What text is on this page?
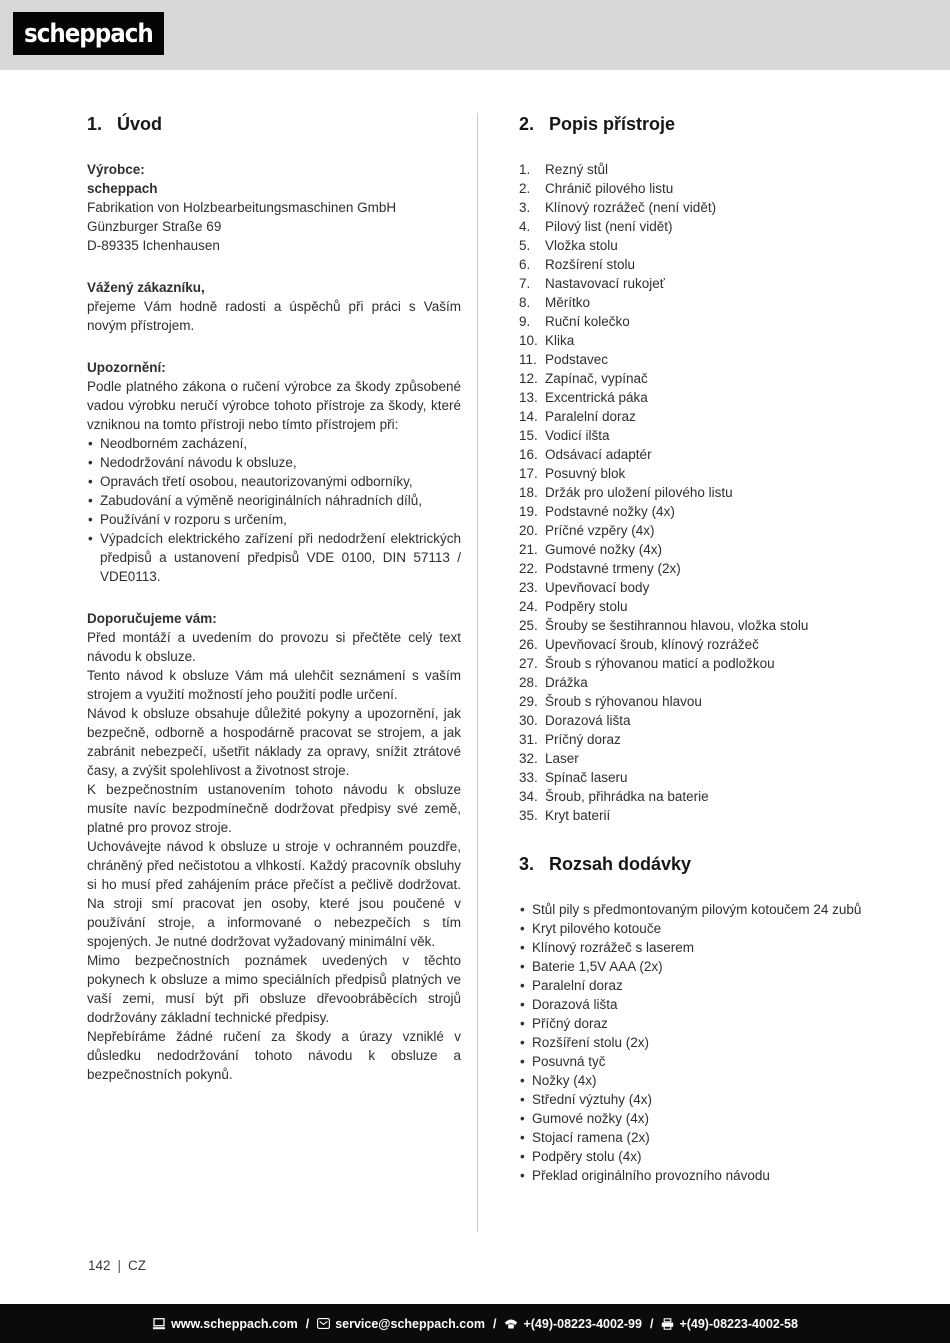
scheppach
1. Úvod

Výrobce:

scheppach

Fabrikation von Holzbearbeitungsmaschinen GmbH

Günzburger Straße 69

D-89335 Ichenhausen

Vážený zákazníku,

přejeme Vám hodně radosti a úspěchů při práci s Vaším novým přístrojem.

Upozornění:

Podle platného zákona o ručení výrobce za škody způsobené vadou výrobku neručí výrobce tohoto přístroje za škody, které vzniknou na tomto přístroji nebo tímto přístrojem při:

• Neodborném zacházení,
• Nedodržování návodu k obsluze,
• Opravách třetí osobou, neautorizovanými odborníky,
• Zabudování a výměně neoriginálních náhradních dílů,
• Používání v rozporu s určením,
• Výpadcích elektrického zařízení při nedodržení elektrických předpisů a ustanovení předpisů VDE 0100, DIN 57113 / VDE0113.

Doporučujeme vám:

Před montáží a uvedením do provozu si přečtěte celý text návodu k obsluze.

Tento návod k obsluze Vám má ulehčit seznámení s vaším strojem a využití možností jeho použití podle určení.

Návod k obsluze obsahuje důležité pokyny a upozornění, jak bezpečně, odborně a hospodárně pracovat se strojem, a jak zabránit nebezpečí, ušetřit náklady za opravy, snížit ztrátové časy, a zvýšit spolehlivost a životnost stroje.

K bezpečnostním ustanovením tohoto návodu k obsluze musíte navíc bezpodmínečně dodržovat předpisy své země, platné pro provoz stroje.

Uchovávejte návod k obsluze u stroje v ochranném pouzdře, chráněný před nečistotou a vlhkostí. Každý pracovník obsluhy si ho musí před zahájením práce přečíst a pečlivě dodržovat. Na stroji smí pracovat jen osoby, které jsou poučené v používání stroje, a informované o nebezpečích s tím spojených. Je nutné dodržovat vyžadovaný minimální věk.

Mimo bezpečnostních poznámek uvedených v těchto pokynech k obsluze a mimo speciálních předpisů platných ve vaší zemi, musí být při obsluze dřevoobráběcích strojů dodržovány základní technické předpisy.

Nepřebíráme žádné ručení za škody a úrazy vzniklé v důsledku nedodržování tohoto návodu k obsluze a bezpečnostních pokynů.

2. Popis přístroje
1.	Rezný stůl
2.	Chránič pilového listu
3.	Klínový rozrážeč (není vidět)
4.	Pilový list (není vidět)
5.	Vložka stolu
6.	Rozšírení stolu
7.	Nastavovací rukojeť
8.	Měrítko
9.	Ruční kolečko
10. Klika
11. Podstavec
12. Zapínač, vypínač
13. Excentrická páka
14. Paralelní doraz
15. Vodicí ilšta
16. Odsávací adaptér
17. Posuvný blok
18. Držák pro uložení pilového listu
19. Podstavné nožky (4x)
20. Príčné vzpěry (4x)
21. Gumové nožky (4x)
22. Podstavné trmeny (2x)
23. Upevňovací body
24. Podpěry stolu
25. Šrouby se šestihrannou hlavou, vložka stolu
26. Upevňovací šroub, klínový rozrážeč
27. Šroub s rýhovanou maticí a podložkou
28. Drážka
29. Šroub s rýhovanou hlavou
30. Dorazová lišta
31. Príčný doraz
32. Laser
33. Spínač laseru
34. Šroub, přihrádka na baterie
35. Kryt baterií
3. Rozsah dodávky
• Stůl pily s předmontovaným pilovým kotoučem 24 zubů
• Kryt pilového kotouče
• Klínový rozrážeč s laserem
• Baterie 1,5V AAA (2x)
• Paralelní doraz
• Dorazová lišta
• Příčný doraz
• Rozšíření stolu (2x)
• Posuvná tyč
• Nožky (4x)
• Střední výztuhy (4x)
• Gumové nožky (4x)
• Stojací ramena (2x)
• Podpěry stolu (4x)
• Překlad originálního provozního návodu
142 | CZ
www.scheppach.com / service@scheppach.com / +(49)-08223-4002-99 / +(49)-08223-4002-58
